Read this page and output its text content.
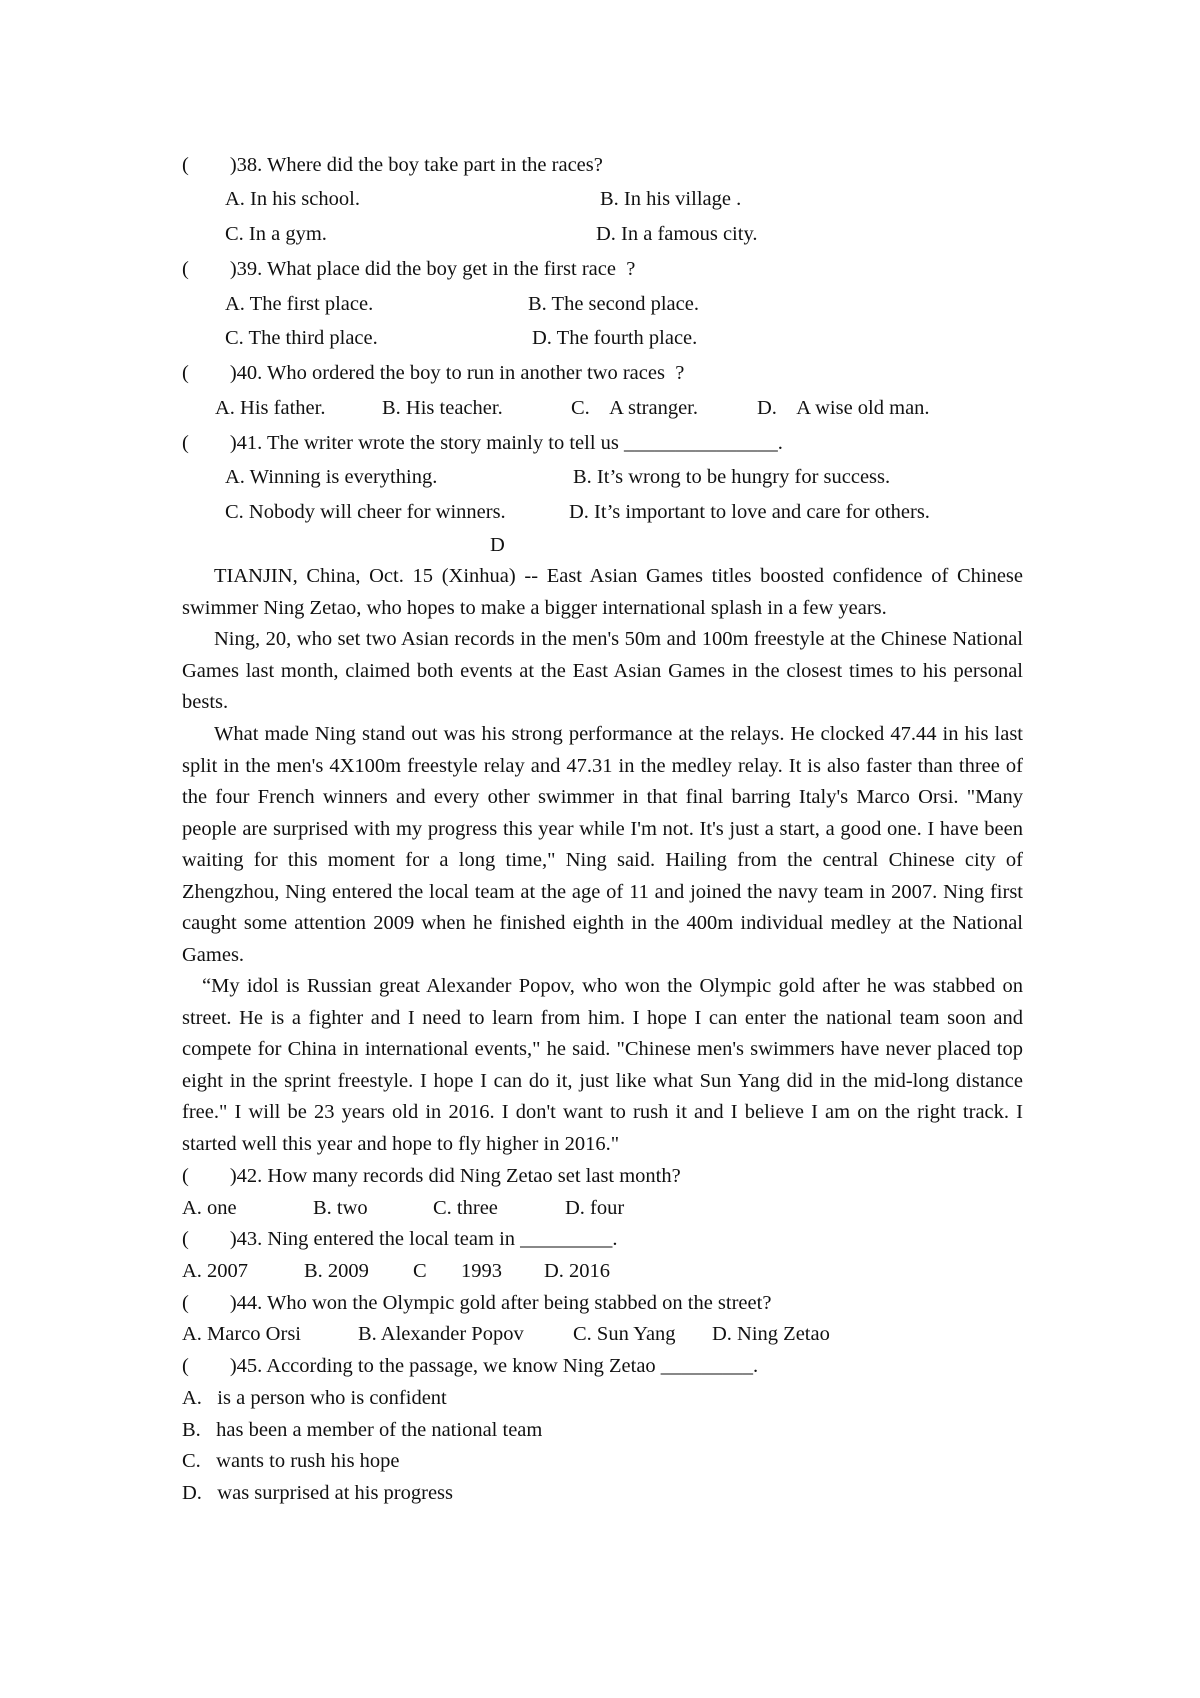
(        )38. Where did the boy take part in the races?
A. In his school.	B. In his village .
C. In a gym.	D. In a famous city.
(        )39. What place did the boy get in the first race  ?
A. The first place.	B. The second place.
C. The third place.	D. The fourth place.
(        )40. Who ordered the boy to run in another two races  ?
A. His father.	B. His teacher.	C.    A stranger.	D.    A wise old man.
(        )41. The writer wrote the story mainly to tell us _______________.
A. Winning is everything.	B. It’s wrong to be hungry for success.
C. Nobody will cheer for winners.	D. It’s important to love and care for others.
D

TIANJIN, China, Oct. 15 (Xinhua) -- East Asian Games titles boosted confidence of Chinese swimmer Ning Zetao, who hopes to make a bigger international splash in a few years.

Ning, 20, who set two Asian records in the men's 50m and 100m freestyle at the Chinese National Games last month, claimed both events at the East Asian Games in the closest times to his personal bests.

What made Ning stand out was his strong performance at the relays. He clocked 47.44 in his last split in the men's 4X100m freestyle relay and 47.31 in the medley relay. It is also faster than three of the four French winners and every other swimmer in that final barring Italy's Marco Orsi. "Many people are surprised with my progress this year while I'm not. It's just a start, a good one. I have been waiting for this moment for a long time," Ning said. Hailing from the central Chinese city of Zhengzhou, Ning entered the local team at the age of 11 and joined the navy team in 2007. Ning first caught some attention 2009 when he finished eighth in the 400m individual medley at the National Games.

“My idol is Russian great Alexander Popov, who won the Olympic gold after he was stabbed on street. He is a fighter and I need to learn from him. I hope I can enter the national team soon and compete for China in international events," he said. "Chinese men's swimmers have never placed top eight in the sprint freestyle. I hope I can do it, just like what Sun Yang did in the mid-long distance free." I will be 23 years old in 2016. I don't want to rush it and I believe I am on the right track. I started well this year and hope to fly higher in 2016."

(        )42. How many records did Ning Zetao set last month?
A. one	B. two	C. three	D. four
(        )43. Ning entered the local team in _________.
A. 2007	B. 2009 C 1993 D. 2016
(        )44. Who won the Olympic gold after being stabbed on the street?
A. Marco Orsi	B. Alexander Popov C. Sun Yang D. Ning Zetao
(        )45. According to the passage, we know Ning Zetao _________.
A.   is a person who is confident
B.   has been a member of the national team
C.   wants to rush his hope
D.   was surprised at his progress
